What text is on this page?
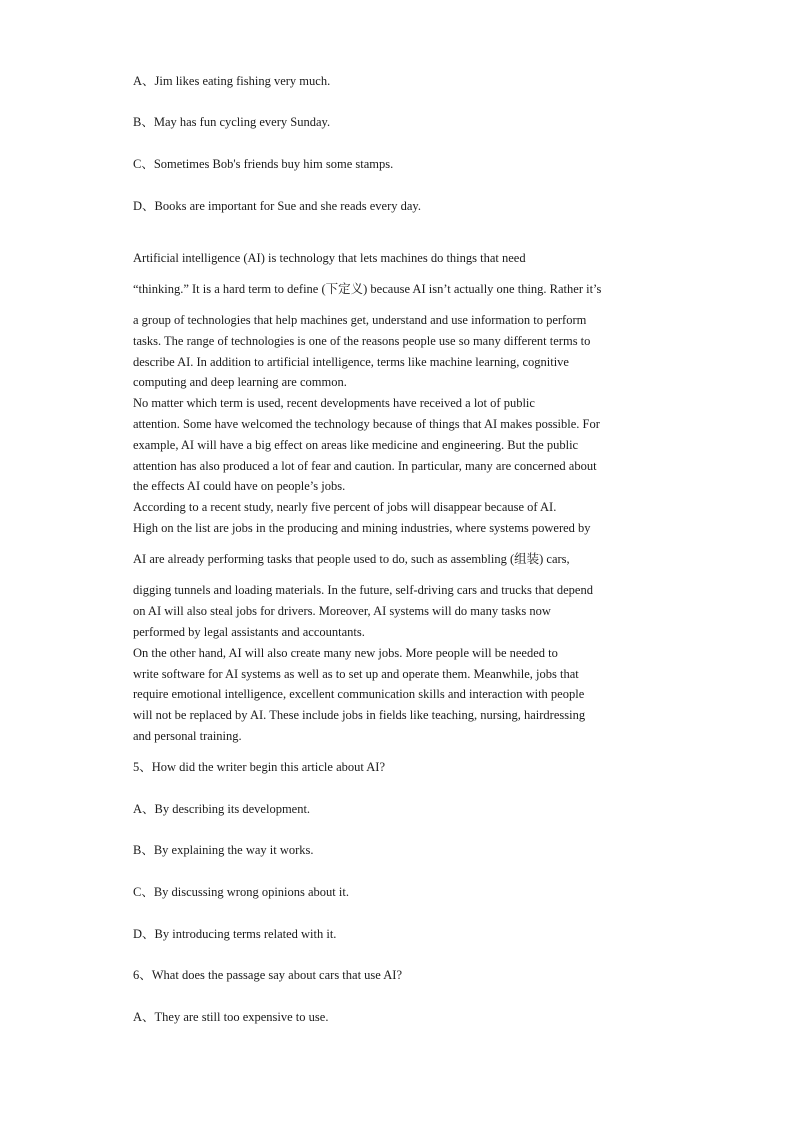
A、Jim likes eating fishing very much.
B、May has fun cycling every Sunday.
C、Sometimes Bob's friends buy him some stamps.
D、Books are important for Sue and she reads every day.
Artificial intelligence (AI) is technology that lets machines do things that need
“thinking.” It is a hard term to define (下定义) because AI isn’t actually one thing. Rather it’s
a group of technologies that help machines get, understand and use information to perform
tasks. The range of technologies is one of the reasons people use so many different terms to
describe AI. In addition to artificial intelligence, terms like machine learning, cognitive
computing and deep learning are common.
No matter which term is used, recent developments have received a lot of public
attention. Some have welcomed the technology because of things that AI makes possible. For
example, AI will have a big effect on areas like medicine and engineering. But the public
attention has also produced a lot of fear and caution. In particular, many are concerned about
the effects AI could have on people’s jobs.
According to a recent study, nearly five percent of jobs will disappear because of AI.
High on the list are jobs in the producing and mining industries, where systems powered by
AI are already performing tasks that people used to do, such as assembling (组装) cars,
digging tunnels and loading materials. In the future, self-driving cars and trucks that depend
on AI will also steal jobs for drivers. Moreover, AI systems will do many tasks now
performed by legal assistants and accountants.
On the other hand, AI will also create many new jobs. More people will be needed to
write software for AI systems as well as to set up and operate them. Meanwhile, jobs that
require emotional intelligence, excellent communication skills and interaction with people
will not be replaced by AI. These include jobs in fields like teaching, nursing, hairdressing
and personal training.
5、How did the writer begin this article about AI?
A、By describing its development.
B、By explaining the way it works.
C、By discussing wrong opinions about it.
D、By introducing terms related with it.
6、What does the passage say about cars that use AI?
A、They are still too expensive to use.
